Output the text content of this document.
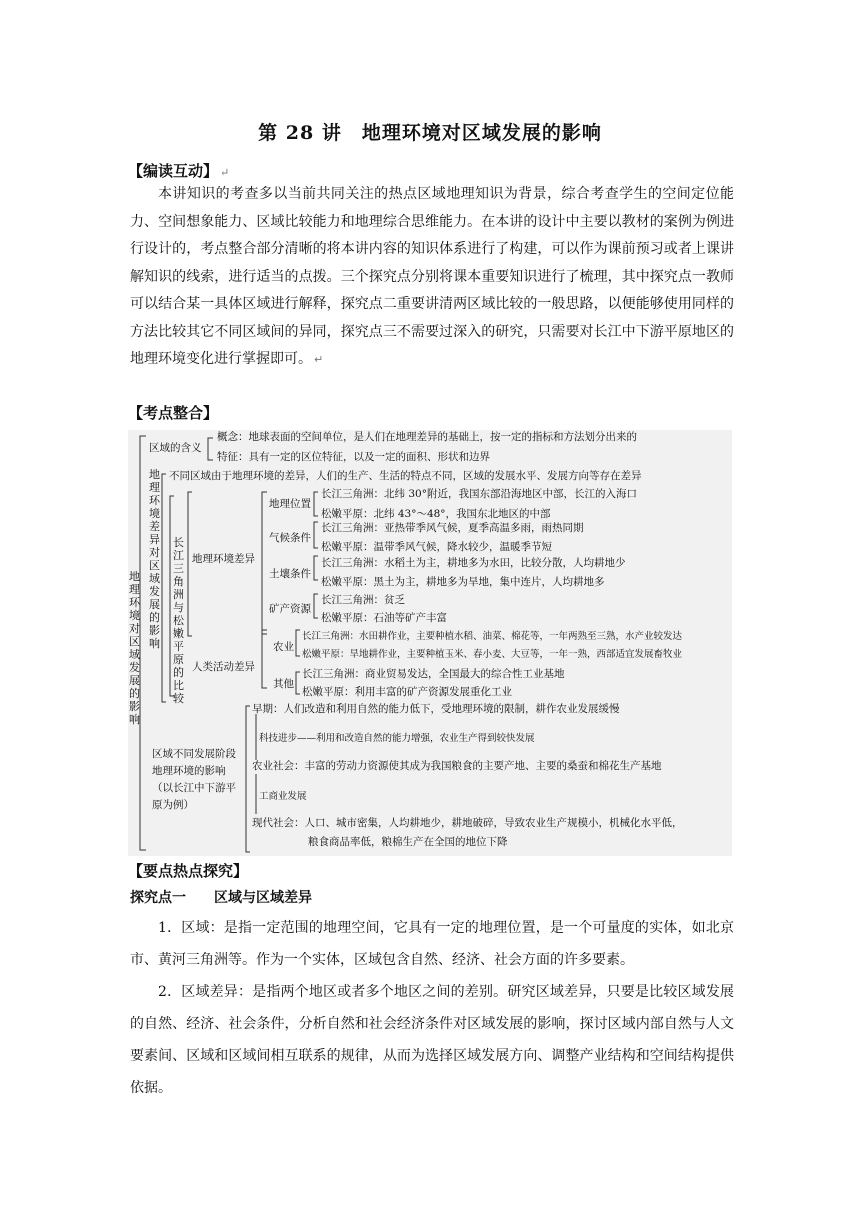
第 28 讲　地理环境对区域发展的影响
【编读互动】 ↵
本讲知识的考查多以当前共同关注的热点区域地理知识为背景，综合考查学生的空间定位能力、空间想象能力、区域比较能力和地理综合思维能力。在本讲的设计中主要以教材的案例为例进行设计的，考点整合部分清晰的将本讲内容的知识体系进行了构建，可以作为课前预习或者上课讲解知识的线索，进行适当的点拨。三个探究点分别将课本重要知识进行了梳理，其中探究点一教师可以结合某一具体区域进行解释，探究点二重要讲清两区域比较的一般思路，以便能够使用同样的方法比较其它不同区域间的异同，探究点三不需要过深入的研究，只需要对长江中下游平原地区的地理环境变化进行掌握即可。 ↵
【考点整合】
地理环境对区域发展的影响
区域的含义
概念：地球表面的空间单位，是人们在地理差异的基础上，按一定的指标和方法划分出来的
特征：具有一定的区位特征，以及一定的面积、形状和边界
地理环境差异对区域发展的影响
不同区域由于地理环境的差异，人们的生产、生活的特点不同，区域的发展水平、发展方向等存在差异
长江三角洲与松嫩平原的比较
地理环境差异
地理位置
长江三角洲：北纬 30°附近，我国东部沿海地区中部，长江的入海口
松嫩平原：北纬 43°～48°，我国东北地区的中部
气候条件
长江三角洲：亚热带季风气候，夏季高温多雨，雨热同期
松嫩平原：温带季风气候，降水较少，温暖季节短
土壤条件
长江三角洲：水稻土为主，耕地多为水田，比较分散，人均耕地少
松嫩平原：黑土为主，耕地多为旱地，集中连片，人均耕地多
矿产资源
长江三角洲：贫乏
松嫩平原：石油等矿产丰富
人类活动差异
农业
长江三角洲：水田耕作业，主要种植水稻、油菜、棉花等，一年两熟至三熟，水产业较发达
松嫩平原：旱地耕作业，主要种植玉米、春小麦、大豆等，一年一熟，西部适宜发展畜牧业
其他
长江三角洲：商业贸易发达，全国最大的综合性工业基地
松嫩平原：利用丰富的矿产资源发展重化工业
区域不同发展阶段地理环境的影响（以长江中下游平原为例）
早期：人们改造和利用自然的能力低下，受地理环境的限制，耕作农业发展缓慢
科技进步——利用和改造自然的能力增强，农业生产得到较快发展
农业社会：丰富的劳动力资源使其成为我国粮食的主要产地、主要的桑蚕和棉花生产基地
工商业发展
现代社会：人口、城市密集，人均耕地少，耕地破碎，导致农业生产规模小，机械化水平低，
粮食商品率低，粮棉生产在全国的地位下降
【要点热点探究】
探究点一　　区域与区域差异
1．区域：是指一定范围的地理空间，它具有一定的地理位置，是一个可量度的实体，如北京市、黄河三角洲等。作为一个实体，区域包含自然、经济、社会方面的许多要素。
2．区域差异：是指两个地区或者多个地区之间的差别。研究区域差异，只要是比较区域发展的自然、经济、社会条件，分析自然和社会经济条件对区域发展的影响，探讨区域内部自然与人文要素间、区域和区域间相互联系的规律，从而为选择区域发展方向、调整产业结构和空间结构提供依据。
